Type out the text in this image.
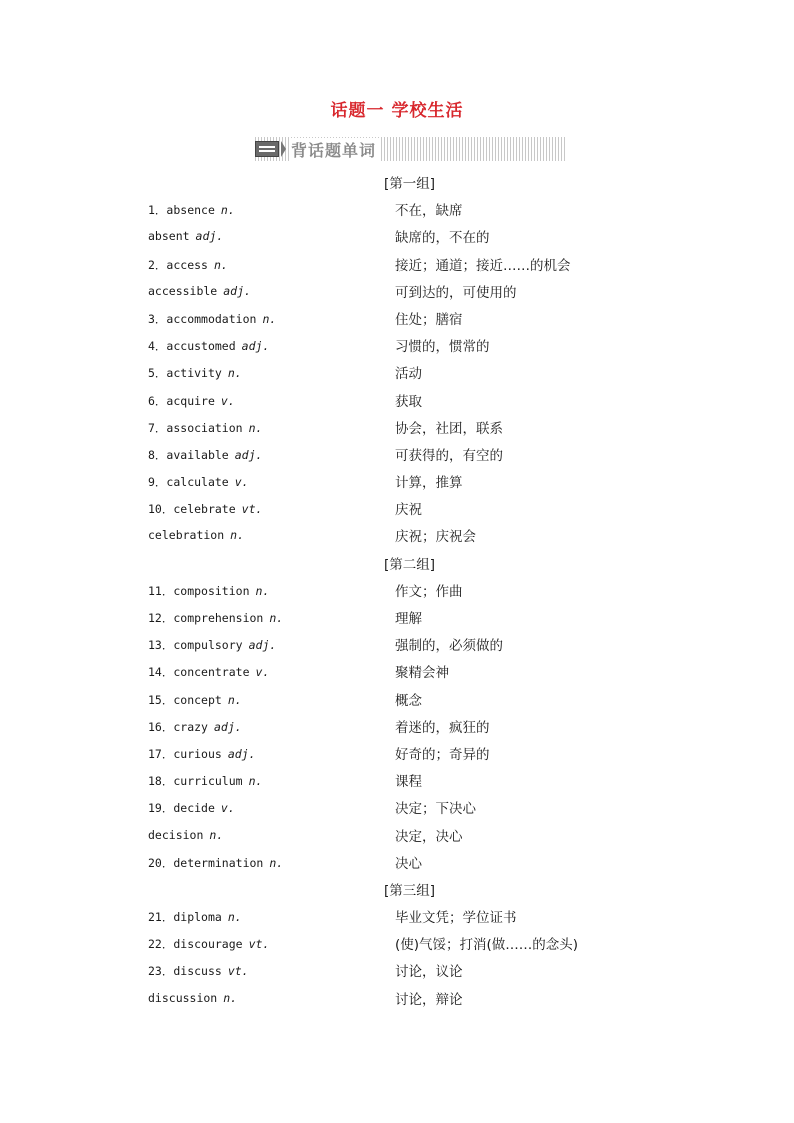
话题一 学校生活
背话题单词
[第一组]
1．absence n.	不在，缺席
absent adj.	缺席的，不在的
2．access n.	接近；通道；接近……的机会
accessible adj.	可到达的，可使用的
3．accommodation n.	住处；膳宿
4．accustomed adj.	习惯的，惯常的
5．activity n.	活动
6．acquire v.	获取
7．association n.	协会，社团，联系
8．available adj.	可获得的，有空的
9．calculate v.	计算，推算
10．celebrate vt.	庆祝
celebration n.	庆祝；庆祝会
[第二组]
11．composition n.	作文；作曲
12．comprehension n.	理解
13．compulsory adj.	强制的，必须做的
14．concentrate v.	聚精会神
15．concept n.	概念
16．crazy adj.	着迷的，疯狂的
17．curious adj.	好奇的；奇异的
18．curriculum n.	课程
19．decide v.	决定；下决心
decision n.	决定，决心
20．determination n.	决心
[第三组]
21．diploma n.	毕业文凭；学位证书
22．discourage vt.	(使)气馁；打消(做……的念头)
23．discuss vt.	讨论，议论
discussion n.	讨论，辩论
